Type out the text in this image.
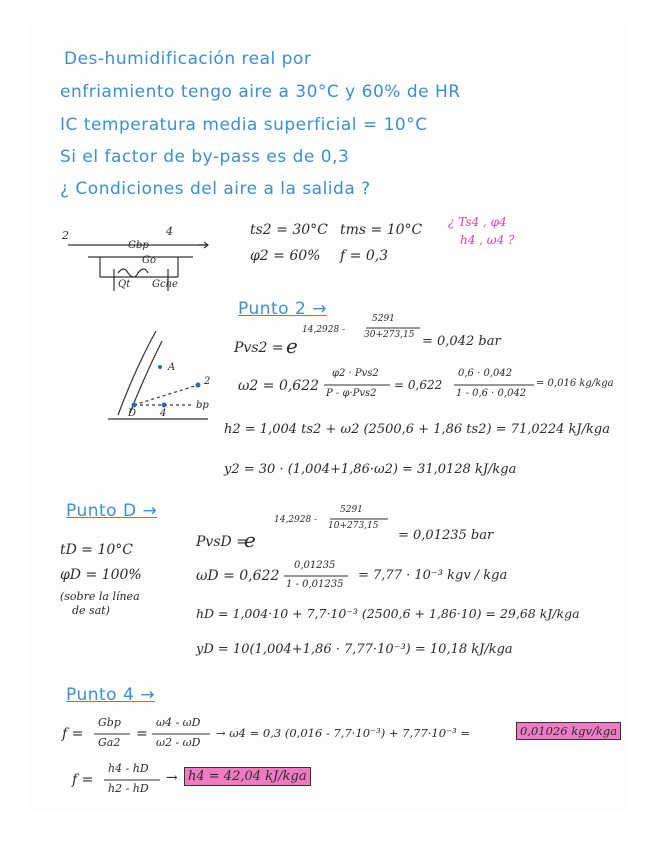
Des-humidificación real por
enfriamiento tengo aire a 30°C y 60% de HR
IC temperatura media superficial = 10°C
Si el factor de by-pass es de 0,3
¿ Condiciones del aire a la salida ?
2	4
Gbp
Go
Qt Gche
A
2
D 4
bp
ts2 = 30°C tms = 10°C
φ2 = 60% f = 0,3
¿ Ts4 , φ4
h4 , ω4 ?
Punto 2 →
14,2928 -
5291
30+273,15
Pvs2 = e	= 0,042 bar
ω2 = 0,622
φ2 · Pvs2
P - φ·Pvs2
= 0,622
0,6 · 0,042
1 - 0,6 · 0,042
= 0,016 kg/kga
h2 = 1,004 ts2 + ω2 (2500,6 + 1,86 ts2) = 71,0224 kJ/kga
y2 = 30 · (1,004+1,86·ω2) = 31,0128 kJ/kga
Punto D →	14,2928 -
5291
10+273,15
= 0,01235 bar
tD = 10°C	PvsD =
e
φD = 100%	ωD = 0,622
0,01235
1 - 0,01235
= 7,77 · 10⁻³ kgv / kga
(sobre la línea
de sat)	hD = 1,004·10 + 7,7·10⁻³ (2500,6 + 1,86·10) = 29,68 kJ/kga
yD = 10(1,004+1,86 · 7,77·10⁻³) = 10,18 kJ/kga
Punto 4 →
f =
Gbp
Ga2
=
ω4 - ωD
ω2 - ωD
→ ω4 = 0,3 (0,016 - 7,7·10⁻³) + 7,77·10⁻³ =	0,01026 kgv/kga
f =
h4 - hD
h2 - hD
→ h4 = 42,04 kJ/kga
